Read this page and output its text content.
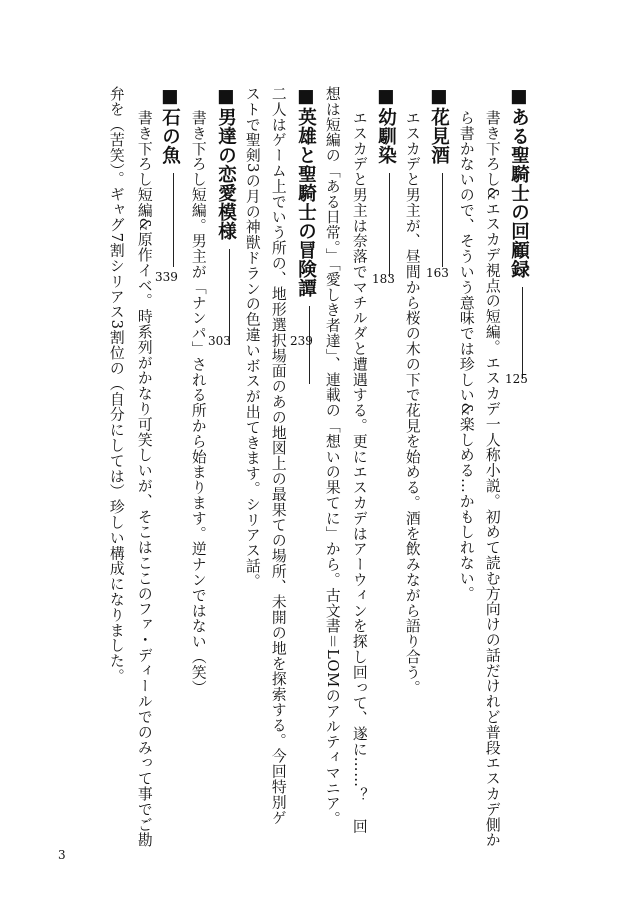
■ある聖騎士の回顧録
125
書き下ろし&エスカデ視点の短編。エスカデ一人称小説。初めて読む方向けの話だけれど普段エスカデ側か
ら書かないので、そういう意味では珍しい&楽しめる…かもしれない。
■花見酒
163
エスカデと男主が、昼間から桜の木の下で花見を始める。酒を飲みながら語り合う。
■幼馴染
183
エスカデと男主は奈落でマチルダと遭遇する。更にエスカデはアーウィンを探し回って、遂に……？　回
想は短編の「ある日常。」「愛しき者達」、連載の「想いの果てに」から。古文書＝LOMのアルティマニア。
■英雄と聖騎士の冒険譚
239
二人はゲーム上でいう所の、地形選択場面のあの地図上の最果ての場所、未開の地を探索する。今回特別ゲ
ストで聖剣3の月の神獣ドランの色違いボスが出てきます。シリアス話。
■男達の恋愛模様
303
書き下ろし短編。男主が「ナンパ」される所から始まります。逆ナンではない（笑）
■石の魚
339
書き下ろし短編&原作イベ。時系列がかなり可笑しいが、そこはここのファ・ディールでのみって事でご勘
弁を（苦笑）。ギャグ7割シリアス3割位の（自分にしては）珍しい構成になりました。
3
